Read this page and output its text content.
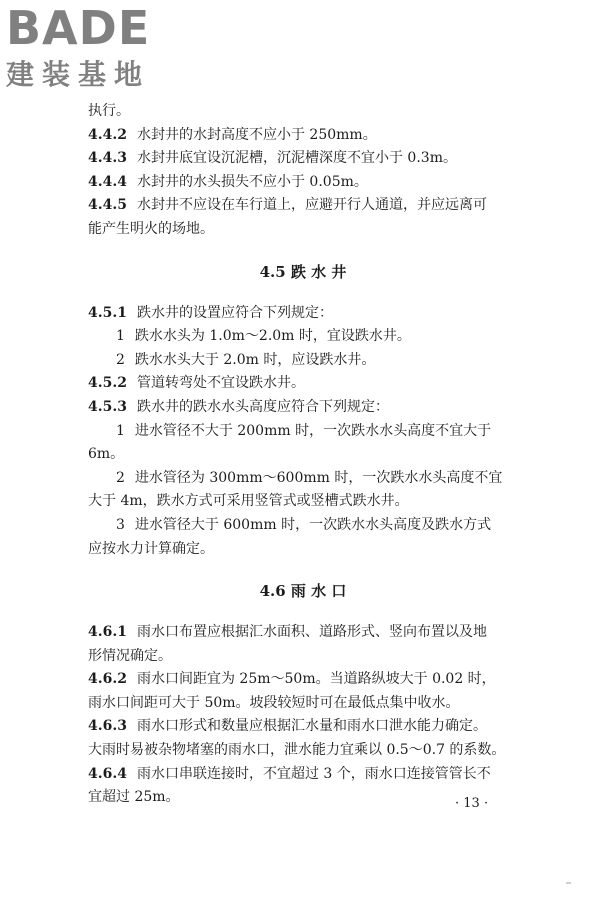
BADE
建装基地
执行。
4.4.2 水封井的水封高度不应小于 250mm。
4.4.3 水封井底宜设沉泥槽，沉泥槽深度不宜小于 0.3m。
4.4.4 水封井的水头损失不应小于 0.05m。
4.4.5 水封井不应设在车行道上，应避开行人通道，并应远离可
能产生明火的场地。
4.5 跌 水 井
4.5.1 跌水井的设置应符合下列规定：
1 跌水水头为 1.0m～2.0m 时，宜设跌水井。
2 跌水水头大于 2.0m 时，应设跌水井。
4.5.2 管道转弯处不宜设跌水井。
4.5.3 跌水井的跌水水头高度应符合下列规定：
1 进水管径不大于 200mm 时，一次跌水水头高度不宜大于
6m。
2 进水管径为 300mm～600mm 时，一次跌水水头高度不宜
大于 4m，跌水方式可采用竖管式或竖槽式跌水井。
3 进水管径大于 600mm 时，一次跌水水头高度及跌水方式
应按水力计算确定。
4.6 雨 水 口
4.6.1 雨水口布置应根据汇水面积、道路形式、竖向布置以及地
形情况确定。
4.6.2 雨水口间距宜为 25m～50m。当道路纵坡大于 0.02 时，
雨水口间距可大于 50m。坡段较短时可在最低点集中收水。
4.6.3 雨水口形式和数量应根据汇水量和雨水口泄水能力确定。
大雨时易被杂物堵塞的雨水口，泄水能力宜乘以 0.5～0.7 的系数。
4.6.4 雨水口串联连接时，不宜超过 3 个，雨水口连接管管长不
宜超过 25m。	· 13 ·
